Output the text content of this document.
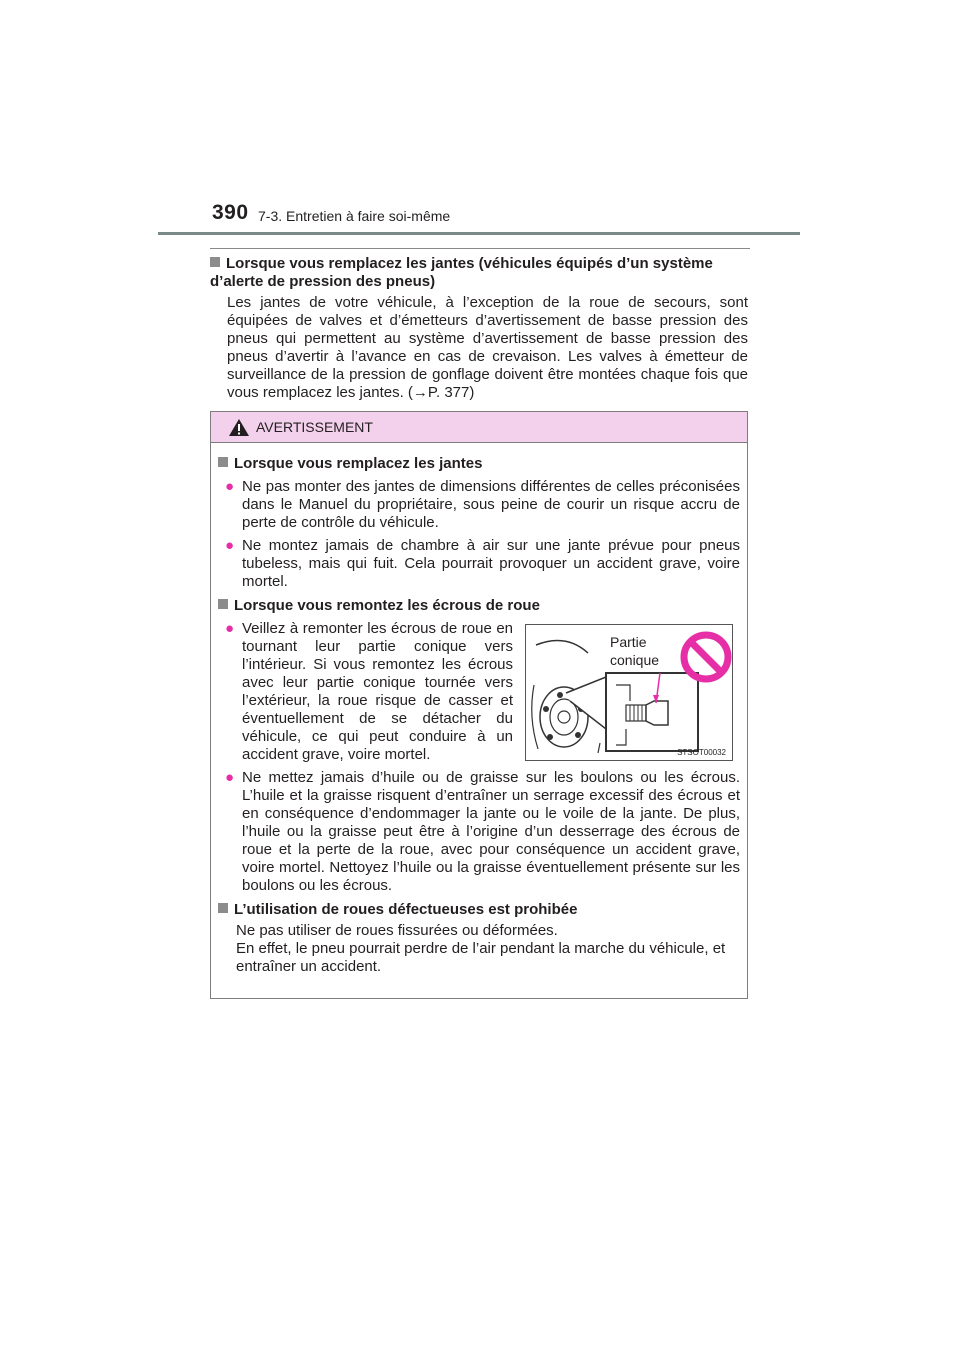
390 7-3. Entretien à faire soi-même
Lorsque vous remplacez les jantes (véhicules équipés d’un système d’alerte de pression des pneus)
Les jantes de votre véhicule, à l’exception de la roue de secours, sont équipées de valves et d’émetteurs d’avertissement de basse pression des pneus qui permettent au système d’avertissement de basse pression des pneus d’avertir à l’avance en cas de crevaison. Les valves à émetteur de surveillance de la pression de gonflage doivent être montées chaque fois que vous remplacez les jantes. (→P. 377)
AVERTISSEMENT
Lorsque vous remplacez les jantes
● Ne pas monter des jantes de dimensions différentes de celles préconisées dans le Manuel du propriétaire, sous peine de courir un risque accru de perte de contrôle du véhicule.
● Ne montez jamais de chambre à air sur une jante prévue pour pneus tubeless, mais qui fuit. Cela pourrait provoquer un accident grave, voire mortel.
Lorsque vous remontez les écrous de roue
● Veillez à remonter les écrous de roue en tournant leur partie conique vers l’intérieur. Si vous remontez les écrous avec leur partie conique tournée vers l’extérieur, la roue risque de casser et éventuellement de se détacher du véhicule, ce qui peut conduire à un accident grave, voire mortel.
Partie
conique
STSOT00032
● Ne mettez jamais d’huile ou de graisse sur les boulons ou les écrous. L’huile et la graisse risquent d’entraîner un serrage excessif des écrous et en conséquence d’endommager la jante ou le voile de la jante. De plus, l’huile ou la graisse peut être à l’origine d’un desserrage des écrous de roue et la perte de la roue, avec pour conséquence un accident grave, voire mortel. Nettoyez l’huile ou la graisse éventuellement présente sur les boulons ou les écrous.
L’utilisation de roues défectueuses est prohibée
Ne pas utiliser de roues fissurées ou déformées.
En effet, le pneu pourrait perdre de l’air pendant la marche du véhicule, et entraîner un accident.
